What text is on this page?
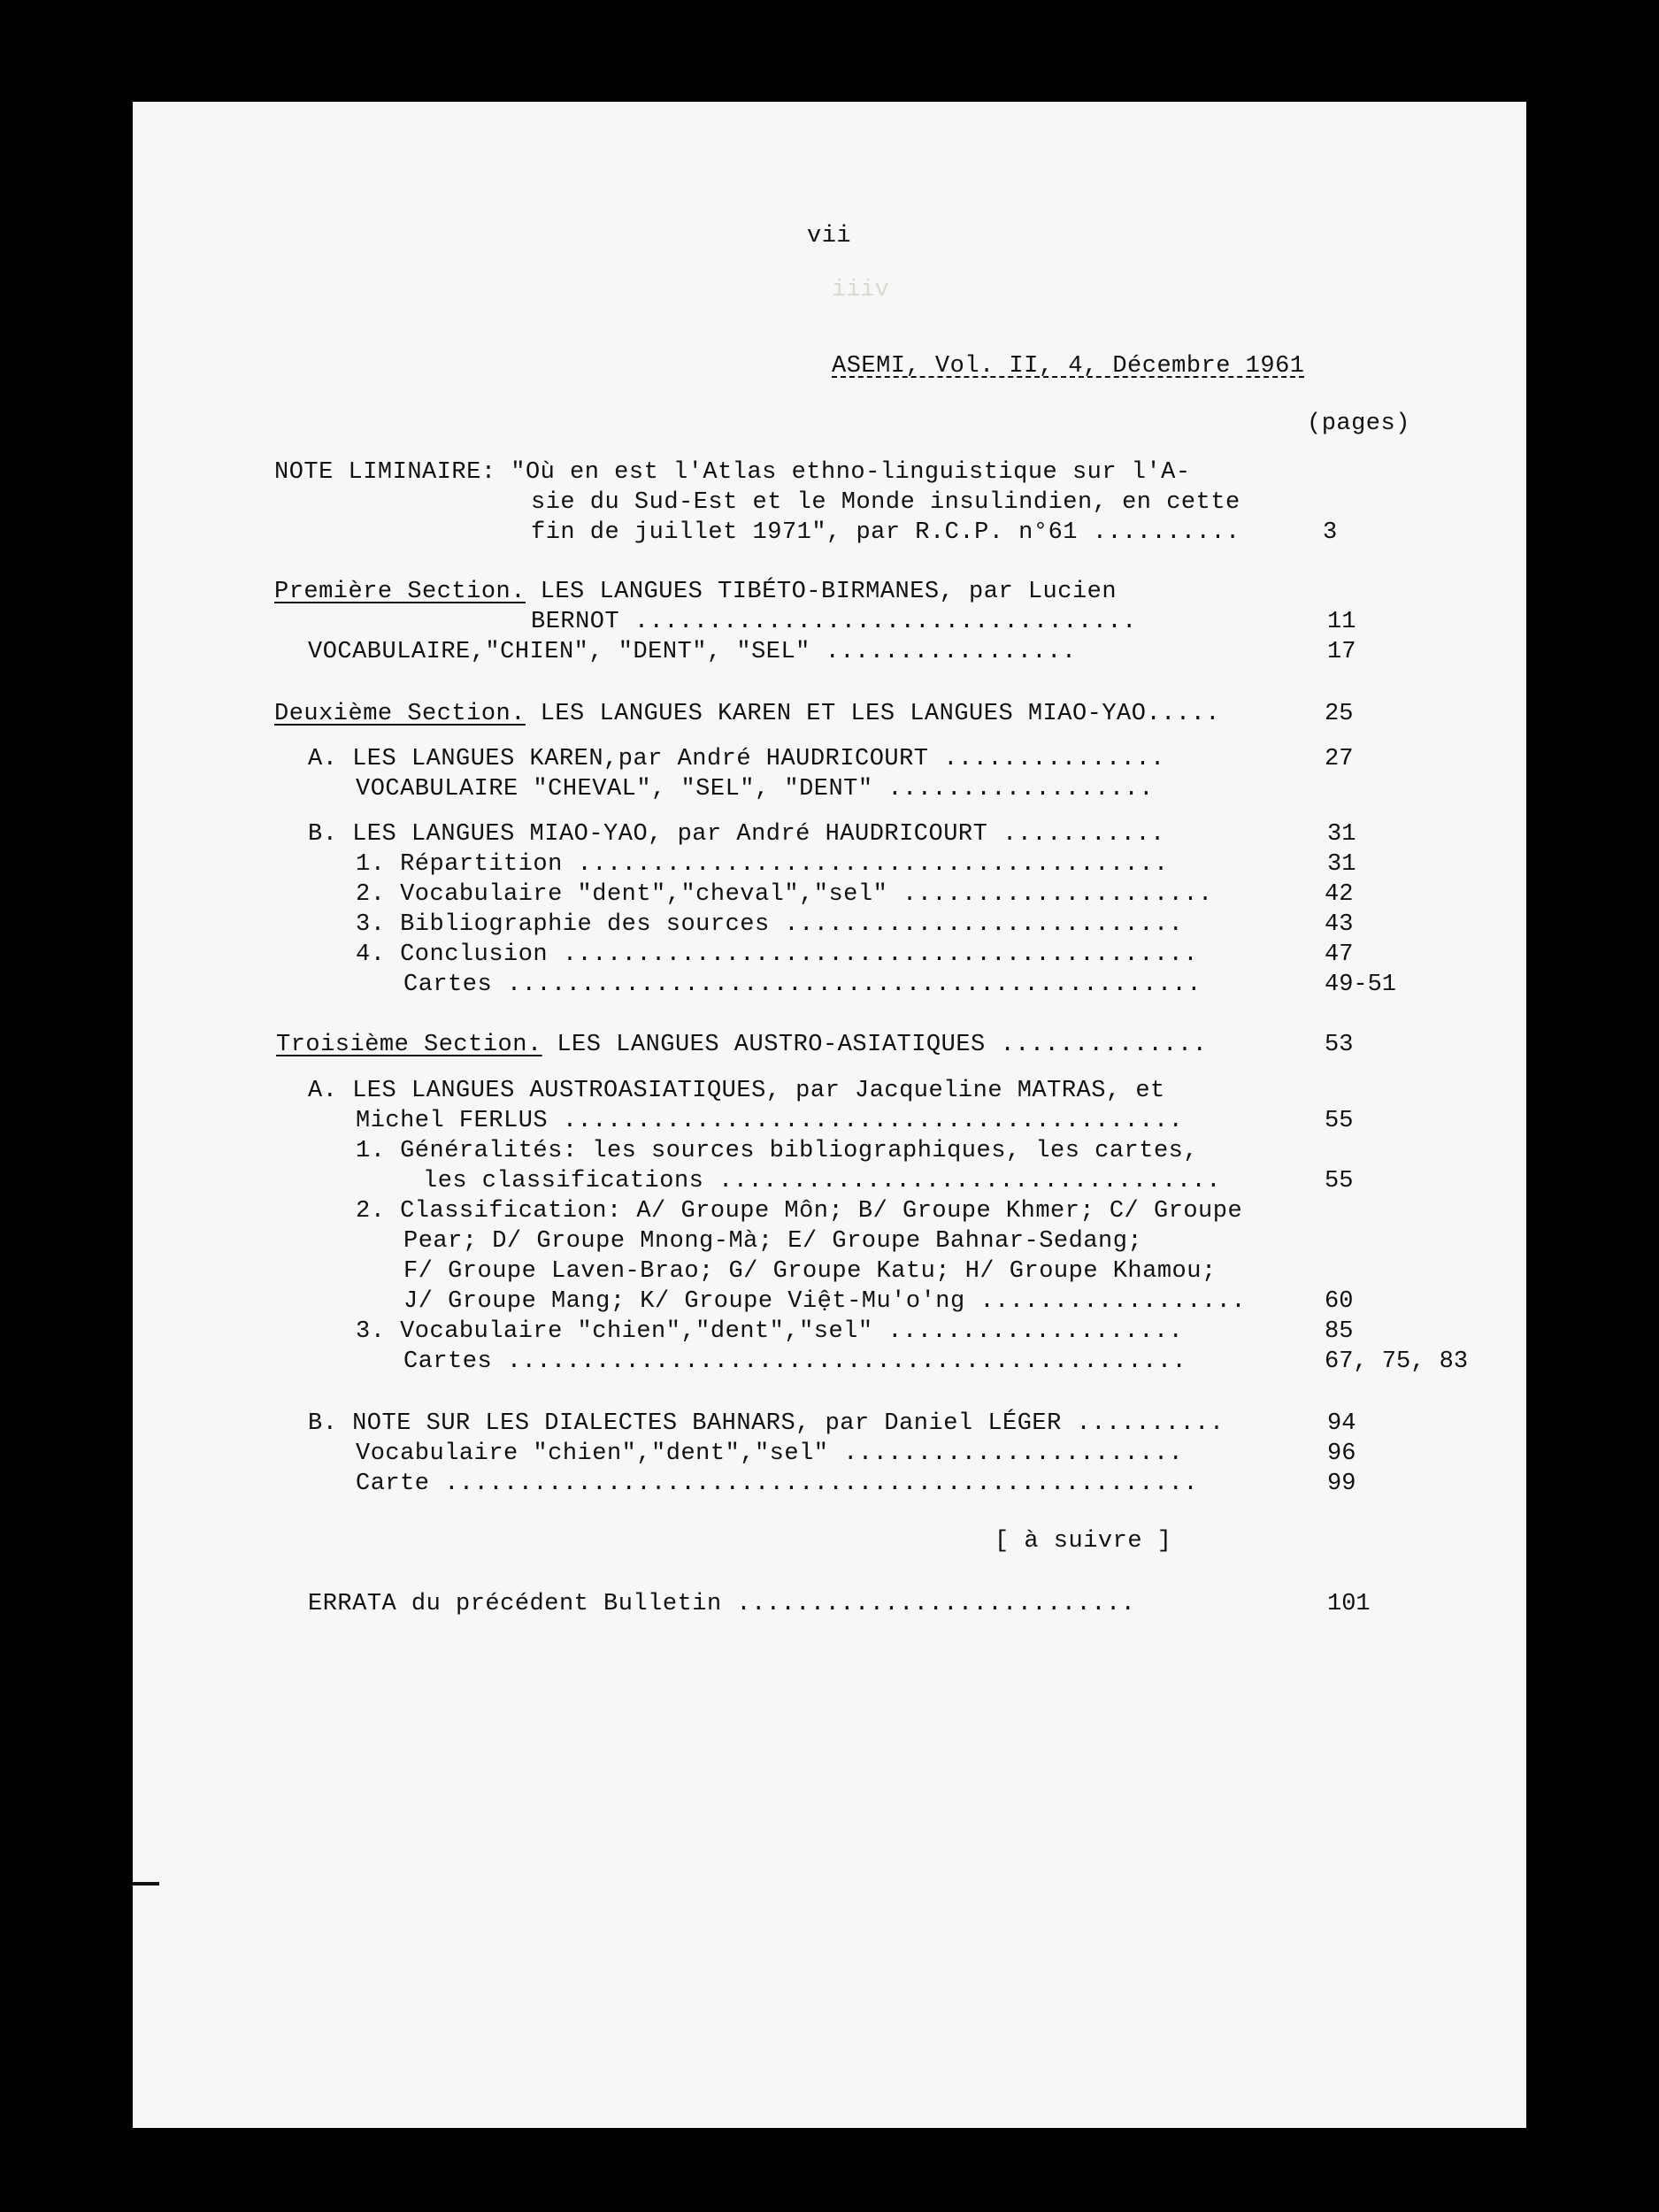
iiiv
vii
ASEMI, Vol. II, 4, Décembre 1961
(pages)
NOTE LIMINAIRE: "Où en est l'Atlas ethno-linguistique sur l'A-
sie du Sud-Est et le Monde insulindien, en cette
fin de juillet 1971", par R.C.P. n°61 ..........	3
Première Section. LES LANGUES TIBÉTO-BIRMANES, par Lucien
BERNOT ..................................	11
VOCABULAIRE,"CHIEN", "DENT", "SEL" .................	17
Deuxième Section. LES LANGUES KAREN ET LES LANGUES MIAO-YAO.....	25
A. LES LANGUES KAREN,par André HAUDRICOURT ...............	27
VOCABULAIRE "CHEVAL", "SEL", "DENT" ..................
B. LES LANGUES MIAO-YAO, par André HAUDRICOURT ...........	31
1. Répartition ........................................	31
2. Vocabulaire "dent","cheval","sel" .....................	42
3. Bibliographie des sources ...........................	43
4. Conclusion ...........................................	47
Cartes ...............................................	49-51
Troisième Section. LES LANGUES AUSTRO-ASIATIQUES ..............	53
A. LES LANGUES AUSTROASIATIQUES, par Jacqueline MATRAS, et
Michel FERLUS ..........................................	55
1. Généralités: les sources bibliographiques, les cartes,
les classifications ..................................	55
2. Classification: A/ Groupe Môn; B/ Groupe Khmer; C/ Groupe
Pear; D/ Groupe Mnong-Mà; E/ Groupe Bahnar-Sedang;
F/ Groupe Laven-Brao; G/ Groupe Katu; H/ Groupe Khamou;
J/ Groupe Mang; K/ Groupe Việt-Mu'o'ng ..................	60
3. Vocabulaire "chien","dent","sel" ....................	85
Cartes ..............................................	67, 75, 83
B. NOTE SUR LES DIALECTES BAHNARS, par Daniel LÉGER ..........	94
Vocabulaire "chien","dent","sel" .......................	96
Carte ...................................................	99
[ à suivre ]
ERRATA du précédent Bulletin ...........................	101
